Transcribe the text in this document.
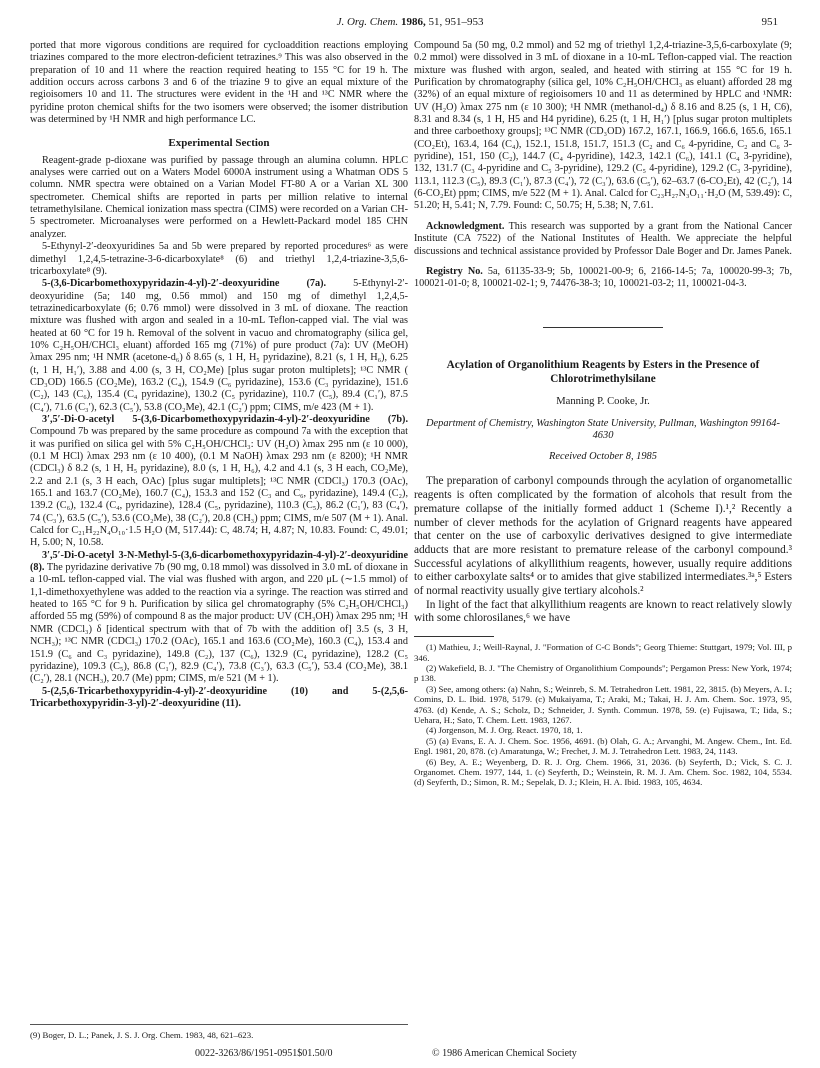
J. Org. Chem. 1986, 51, 951–953	951

ported that more vigorous conditions are required for cycloaddition reactions employing triazines compared to the more electron-deficient tetrazines.⁹ This was also observed in the preparation of 10 and 11 where the reaction required heating to 155 °C for 19 h. The addition occurs across carbons 3 and 6 of the triazine 9 to give an equal mixture of the regioisomers 10 and 11. The structures were evident in the ¹H and ¹³C NMR where the pyridine proton chemical shifts for the two isomers were observed; the isomer distribution was determined by ¹H NMR and high performance LC.

Experimental Section

Reagent-grade p-dioxane was purified by passage through an alumina column. HPLC analyses were carried out on a Waters Model 6000A instrument using a Whatman ODS 5 column. NMR spectra were obtained on a Varian Model FT-80 A or a Varian XL 300 spectrometer. Chemical shifts are reported in parts per million relative to internal tetramethylsilane. Chemical ionization mass spectra (CIMS) were recorded on a Varian CH-5 spectrometer. Microanalyses were performed on a Hewlett-Packard model 185 CHN analyzer.

5-Ethynyl-2′-deoxyuridines 5a and 5b were prepared by reported procedures⁶ as were dimethyl 1,2,4,5-tetrazine-3-6-dicarboxylate⁸ (6) and triethyl 1,2,4-triazine-3,5,6-tricarboxylate⁸ (9).

5-(3,6-Dicarbomethoxypyridazin-4-yl)-2′-deoxyuridine (7a).	5-Ethynyl-2′-deoxyuridine (5a; 140 mg, 0.56 mmol) and 150 mg of dimethyl 1,2,4,5-tetrazinedicarboxylate (6; 0.76 mmol) were dissolved in 3 mL of dioxane. The reaction mixture was flushed with argon and sealed in a 10-mL Teflon-capped vial. The vial was heated at 60 °C for 19 h. Removal of the solvent in vacuo and chromatography (silica gel, 10% C₂H₅OH/CHCl₃ eluant) afforded 165 mg (71%) of pure product (7a): UV (MeOH) λmax 295 nm; ¹H NMR (acetone-d₆) δ 8.65 (s, 1 H, H₅ pyridazine), 8.21 (s, 1 H, H₆), 6.25 (t, 1 H, H₁′), 3.88 and 4.00 (s, 3 H, CO₂Me) [plus sugar proton multiplets]; ¹³C NMR ( CD₃OD) 166.5 (CO₂Me), 163.2 (C₄), 154.9 (C₆ pyridazine), 153.6 (C₃ pyridazine), 151.6 (C₂), 143 (C₆), 135.4 (C₄ pyridazine), 130.2 (C₅ pyridazine), 110.7 (C₅), 89.4 (C₁′), 87.5 (C₄′), 71.6 (C₃′), 62.3 (C₅′), 53.8 (CO₂Me), 42.1 (C₂′) ppm; CIMS, m/e 423 (M + 1).

3′,5′-Di-O-acetyl 5-(3,6-Dicarbomethoxypyridazin-4-yl)-2′-deoxyuridine (7b). Compound 7b was prepared by the same procedure as compound 7a with the exception that it was purified on silica gel with 5% C₂H₅OH/CHCl₃: UV (H₂O) λmax 295 nm (ε 10 000), (0.1 M HCl) λmax 293 nm (ε 10 400), (0.1 M NaOH) λmax 293 nm (ε 8200); ¹H NMR (CDCl₃) δ 8.2 (s, 1 H, H₅ pyridazine), 8.0 (s, 1 H, H₆), 4.2 and 4.1 (s, 3 H each, CO₂Me), 2.2 and 2.1 (s, 3 H each, OAc) [plus sugar multiplets]; ¹³C NMR (CDCl₃) 170.3 (OAc), 165.1 and 163.7 (CO₂Me), 160.7 (C₄), 153.3 and 152 (C₃ and C₆, pyridazine), 149.4 (C₂), 139.2 (C₆), 132.4 (C₄, pyridazine), 128.4 (C₅, pyridazine), 110.3 (C₅), 86.2 (C₁′), 83 (C₄′), 74 (C₃′), 63.5 (C₅′), 53.6 (CO₂Me), 38 (C₂′), 20.8 (CH₃) ppm; CIMS, m/e 507 (M + 1). Anal. Calcd for C₂₁H₂₂N₄O₁₀·1.5 H₂O (M, 517.44): C, 48.74; H, 4.87; N, 10.83. Found: C, 49.01; H, 5.00; N, 10.58.

3′,5′-Di-O-acetyl 3-N-Methyl-5-(3,6-dicarbomethoxypyridazin-4-yl)-2′-deoxyuridine (8). The pyridazine derivative 7b (90 mg, 0.18 mmol) was dissolved in 3.0 mL of dioxane in a 10-mL teflon-capped vial. The vial was flushed with argon, and 220 μL (∼1.5 mmol) of 1,1-dimethoxyethylene was added to the reaction via a syringe. The reaction was stirred and heated to 165 °C for 9 h. Purification by silica gel chromatography (5% C₂H₅OH/CHCl₃) afforded 55 mg (59%) of compound 8 as the major product: UV (CH₃OH) λmax 295 nm; ¹H NMR (CDCl₃) δ [identical spectrum with that of 7b with the addition of] 3.5 (s, 3 H, NCH₃); ¹³C NMR (CDCl₃) 170.2 (OAc), 165.1 and 163.6 (CO₂Me), 160.3 (C₄), 153.4 and 151.9 (C₆ and C₃ pyridazine), 149.8 (C₂), 137 (C₆), 132.9 (C₄ pyridazine), 128.2 (C₅ pyridazine), 109.3 (C₅), 86.8 (C₁′), 82.9 (C₄′), 73.8 (C₃′), 63.3 (C₅′), 53.4 (CO₂Me), 38.1 (C₂′), 28.1 (NCH₃), 20.7 (Me) ppm; CIMS, m/e 521 (M + 1).

5-(2,5,6-Tricarbethoxypyridin-4-yl)-2′-deoxyuridine (10) and 5-(2,5,6-Tricarbethoxypyridin-3-yl)-2′-deoxyuridine (11).

(9) Boger, D. L.; Panek, J. S. J. Org. Chem. 1983, 48, 621–623.

Compound 5a (50 mg, 0.2 mmol) and 52 mg of triethyl 1,2,4-triazine-3,5,6-carboxylate (9; 0.2 mmol) were dissolved in 3 mL of dioxane in a 10-mL Teflon-capped vial. The reaction mixture was flushed with argon, sealed, and heated with stirring at 155 °C for 19 h. Purification by chromatography (silica gel, 10% C₂H₅OH/CHCl₃ as eluant) afforded 28 mg (32%) of an equal mixture of regioisomers 10 and 11 as determined by HPLC and ¹NMR: UV (H₂O) λmax 275 nm (ε 10 300); ¹H NMR (methanol-d₄) δ 8.16 and 8.25 (s, 1 H, C6), 8.31 and 8.34 (s, 1 H, H5 and H4 pyridine), 6.25 (t, 1 H, H₁′) [plus sugar proton multiplets and three carboethoxy groups]; ¹³C NMR (CD₃OD) 167.2, 167.1, 166.9, 166.6, 165.6, 165.1 (CO₂Et), 163.4, 164 (C₄), 152.1, 151.8, 151.7, 151.3 (C₂ and C₆ 4-pyridine, C₂ and C₆ 3-pyridine), 151, 150 (C₂), 144.7 (C₄ 4-pyridine), 142.3, 142.1 (C₆), 141.1 (C₄ 3-pyridine), 132, 131.7 (C₃ 4-pyridine and C₅ 3-pyridine), 129.2 (C₅ 4-pyridine), 129.2 (C₃ 3-pyridine), 113.1, 112.3 (C₅), 89.3 (C₁′), 87.3 (C₄′), 72 (C₃′), 63.6 (C₅′), 62–63.7 (6-CO₂Et), 42 (C₂′), 14 (6-CO₂Et) ppm; CIMS, m/e 522 (M + 1). Anal. Calcd for C₂₃H₂₇N₃O₁₁·H₂O (M, 539.49): C, 51.20; H, 5.41; N, 7.79. Found: C, 50.75; H, 5.38; N, 7.61.

Acknowledgment. This research was supported by a grant from the National Cancer Institute (CA 7522) of the National Institutes of Health. We appreciate the helpful discussions and technical assistance provided by Professor Dale Boger and Dr. James Panek.

Registry No. 5a, 61135-33-9; 5b, 100021-00-9; 6, 2166-14-5; 7a, 100020-99-3; 7b, 100021-01-0; 8, 100021-02-1; 9, 74476-38-3; 10, 100021-03-2; 11, 100021-04-3.

Acylation of Organolithium Reagents by Esters in the Presence of Chlorotrimethylsilane
Manning P. Cooke, Jr.
Department of Chemistry, Washington State University, Pullman, Washington 99164-4630
Received October 8, 1985

The preparation of carbonyl compounds through the acylation of organometallic reagents is often complicated by the formation of alcohols that result from the premature collapse of the initially formed adduct 1 (Scheme I).¹,² Recently a number of clever methods for the acylation of Grignard reagents have appeared that center on the use of carboxylic derivatives designed to give intermediate adducts that are more resistant to premature release of the carbonyl compound.³ Successful acylations of alkyllithium reagents, however, usually require additions to either carboxylate salts⁴ or to amides that give stabilized intermediates.³ᵃ,⁵ Esters of normal reactivity usually give tertiary alcohols.²

In light of the fact that alkyllithium reagents are known to react relatively slowly with some chlorosilanes,⁶ we have

(1) Mathieu, J.; Weill-Raynal, J. "Formation of C-C Bonds"; Georg Thieme: Stuttgart, 1979; Vol. III, p 346.

(2) Wakefield, B. J. "The Chemistry of Organolithium Compounds"; Pergamon Press: New York, 1974; p 138.

(3) See, among others: (a) Nahn, S.; Weinreb, S. M. Tetrahedron Lett. 1981, 22, 3815. (b) Meyers, A. I.; Comins, D. L. Ibid. 1978, 5179. (c) Mukaiyama, T.; Araki, M.; Takai, H. J. Am. Chem. Soc. 1973, 95, 4763. (d) Kende, A. S.; Scholz, D.; Schneider, J. Synth. Commun. 1978, 59. (e) Fujisawa, T.; Iida, S.; Uehara, H.; Sato, T. Chem. Lett. 1983, 1267.

(4) Jorgenson, M. J. Org. React. 1970, 18, 1.

(5) (a) Evans, E. A. J. Chem. Soc. 1956, 4691. (b) Olah, G. A.; Arvanghi, M. Angew. Chem., Int. Ed. Engl. 1981, 20, 878. (c) Amaratunga, W.; Frechet, J. M. J. Tetrahedron Lett. 1983, 24, 1143.

(6) Bey, A. E.; Weyenberg, D. R. J. Org. Chem. 1966, 31, 2036. (b) Seyferth, D.; Vick, S. C. J. Organomet. Chem. 1977, 144, 1. (c) Seyferth, D.; Weinstein, R. M. J. Am. Chem. Soc. 1982, 104, 5534. (d) Seyferth, D.; Simon, R. M.; Sepelak, D. J.; Klein, H. A. Ibid. 1983, 105, 4634.

0022-3263/86/1951-0951$01.50/0	© 1986 American Chemical Society
